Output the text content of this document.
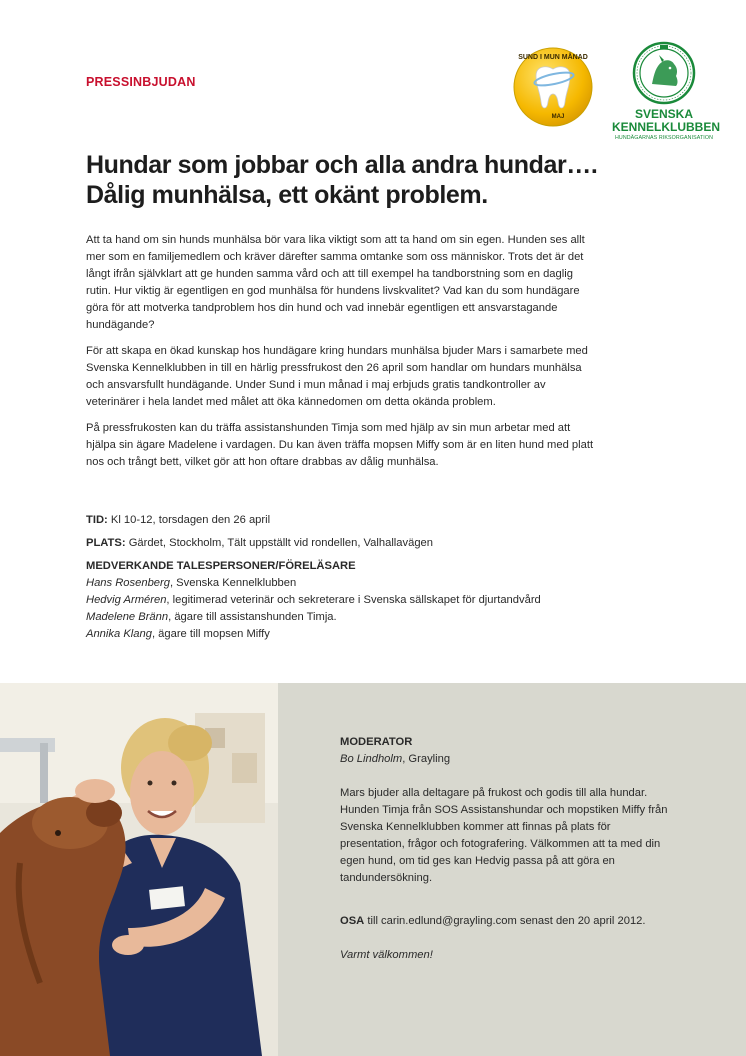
PRESSINBJUDAN
SUND I MUN MÅNAD
MAJ	SVENSKA
KENNELKLUBBEN
HUNDÄGARNAS RIKSORGANISATION
Hundar som jobbar och alla andra hundar….
Dålig munhälsa, ett okänt problem.

Att ta hand om sin hunds munhälsa bör vara lika viktigt som att ta hand om sin egen. Hunden ses allt mer som en familjemedlem och kräver därefter samma omtanke som oss människor. Trots det är det långt ifrån självklart att ge hunden samma vård och att till exempel ha tandborstning som en daglig rutin. Hur viktig är egentligen en god munhälsa för hundens livskvalitet? Vad kan du som hundägare göra för att motverka tandproblem hos din hund och vad innebär egentligen ett ansvarstagande hundägande?

För att skapa en ökad kunskap hos hundägare kring hundars munhälsa bjuder Mars i samarbete med Svenska Kennelklubben in till en härlig pressfrukost den 26 april som handlar om hundars munhälsa och ansvarsfullt hundägande. Under Sund i mun månad i maj erbjuds gratis tandkontroller av veterinärer i hela landet med målet att öka kännedomen om detta okända problem.

På pressfrukosten kan du träffa assistanshunden Timja som med hjälp av sin mun arbetar med att hjälpa sin ägare Madelene i vardagen. Du kan även träffa mopsen Miffy som är en liten hund med platt nos och trångt bett, vilket gör att hon oftare drabbas av dålig munhälsa.

TID: Kl 10-12, torsdagen den 26 april
PLATS: Gärdet, Stockholm, Tält uppställt vid rondellen, Valhallavägen
MEDVERKANDE TALESPERSONER/FÖRELÄSARE
Hans Rosenberg, Svenska Kennelklubben
Hedvig Arméren, legitimerad veterinär och sekreterare i Svenska sällskapet för djurtandvård
Madelene Bränn, ägare till assistanshunden Timja.
Annika Klang, ägare till mopsen Miffy

MODERATOR

Bo Lindholm, Grayling

Mars bjuder alla deltagare på frukost och godis till alla hundar. Hunden Timja från SOS Assistanshundar och mopstiken Miffy från Svenska Kennelklubben kommer att finnas på plats för presentation, frågor och fotografering. Välkommen att ta med din egen hund, om tid ges kan Hedvig passa på att göra en tandundersökning.

OSA till carin.edlund@grayling.com senast den 20 april 2012.

Varmt välkommen!
